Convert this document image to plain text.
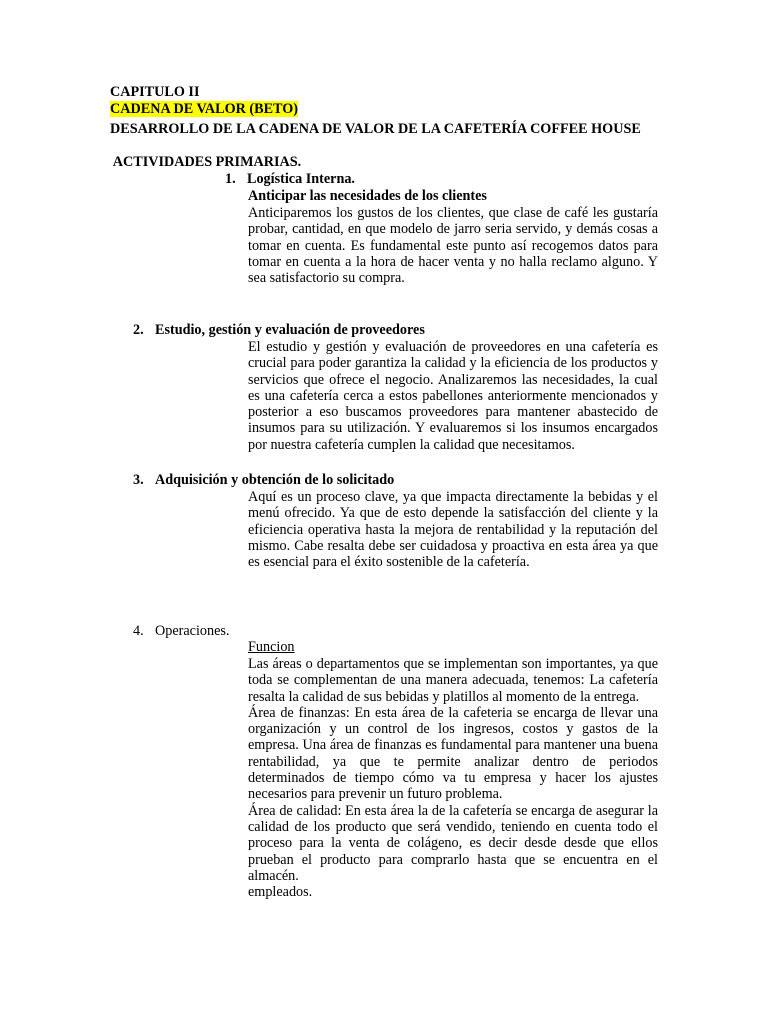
CAPITULO II

CADENA DE VALOR (BETO)

DESARROLLO DE LA CADENA DE VALOR DE LA CAFETERÍA COFFEE HOUSE

ACTIVIDADES PRIMARIAS.

1. Logística Interna.

Anticipar las necesidades de los clientes

Anticiparemos los gustos de los clientes, que clase de café les gustaría probar, cantidad, en que modelo de jarro seria servido, y demás cosas a tomar en cuenta. Es fundamental este punto así recogemos datos para tomar en cuenta a la hora de hacer venta y no halla reclamo alguno. Y sea satisfactorio su compra.

2. Estudio, gestión y evaluación de proveedores

El estudio y gestión y evaluación de proveedores en una cafetería es crucial para poder garantiza la calidad y la eficiencia de los productos y servicios que ofrece el negocio. Analizaremos las necesidades, la cual es una cafetería cerca a estos pabellones anteriormente mencionados y posterior a eso buscamos proveedores para mantener abastecido de insumos para su utilización. Y evaluaremos si los insumos encargados por nuestra cafetería cumplen la calidad que necesitamos.

3. Adquisición y obtención de lo solicitado

Aquí es un proceso clave, ya que impacta directamente la bebidas y el menú ofrecido. Ya que de esto depende la satisfacción del cliente y la eficiencia operativa hasta la mejora de rentabilidad y la reputación del mismo. Cabe resalta debe ser cuidadosa y proactiva en esta área ya que es esencial para el éxito sostenible de la cafetería.

4. Operaciones.

Funcion

Las áreas o departamentos que se implementan son importantes, ya que toda se complementan de una manera adecuada, tenemos: La cafetería resalta la calidad de sus bebidas y platillos al momento de la entrega.

Área de finanzas: En esta área de la cafeteria se encarga de llevar una organización y un control de los ingresos, costos y gastos de la empresa. Una área de finanzas es fundamental para mantener una buena rentabilidad, ya que te permite analizar dentro de periodos determinados de tiempo cómo va tu empresa y hacer los ajustes necesarios para prevenir un futuro problema.

Área de calidad: En esta área la de la cafetería se encarga de asegurar la calidad de los producto que será vendido, teniendo en cuenta todo el proceso para la venta de colágeno, es decir desde desde que ellos prueban el producto para comprarlo hasta que se encuentra en el almacén.

empleados.
